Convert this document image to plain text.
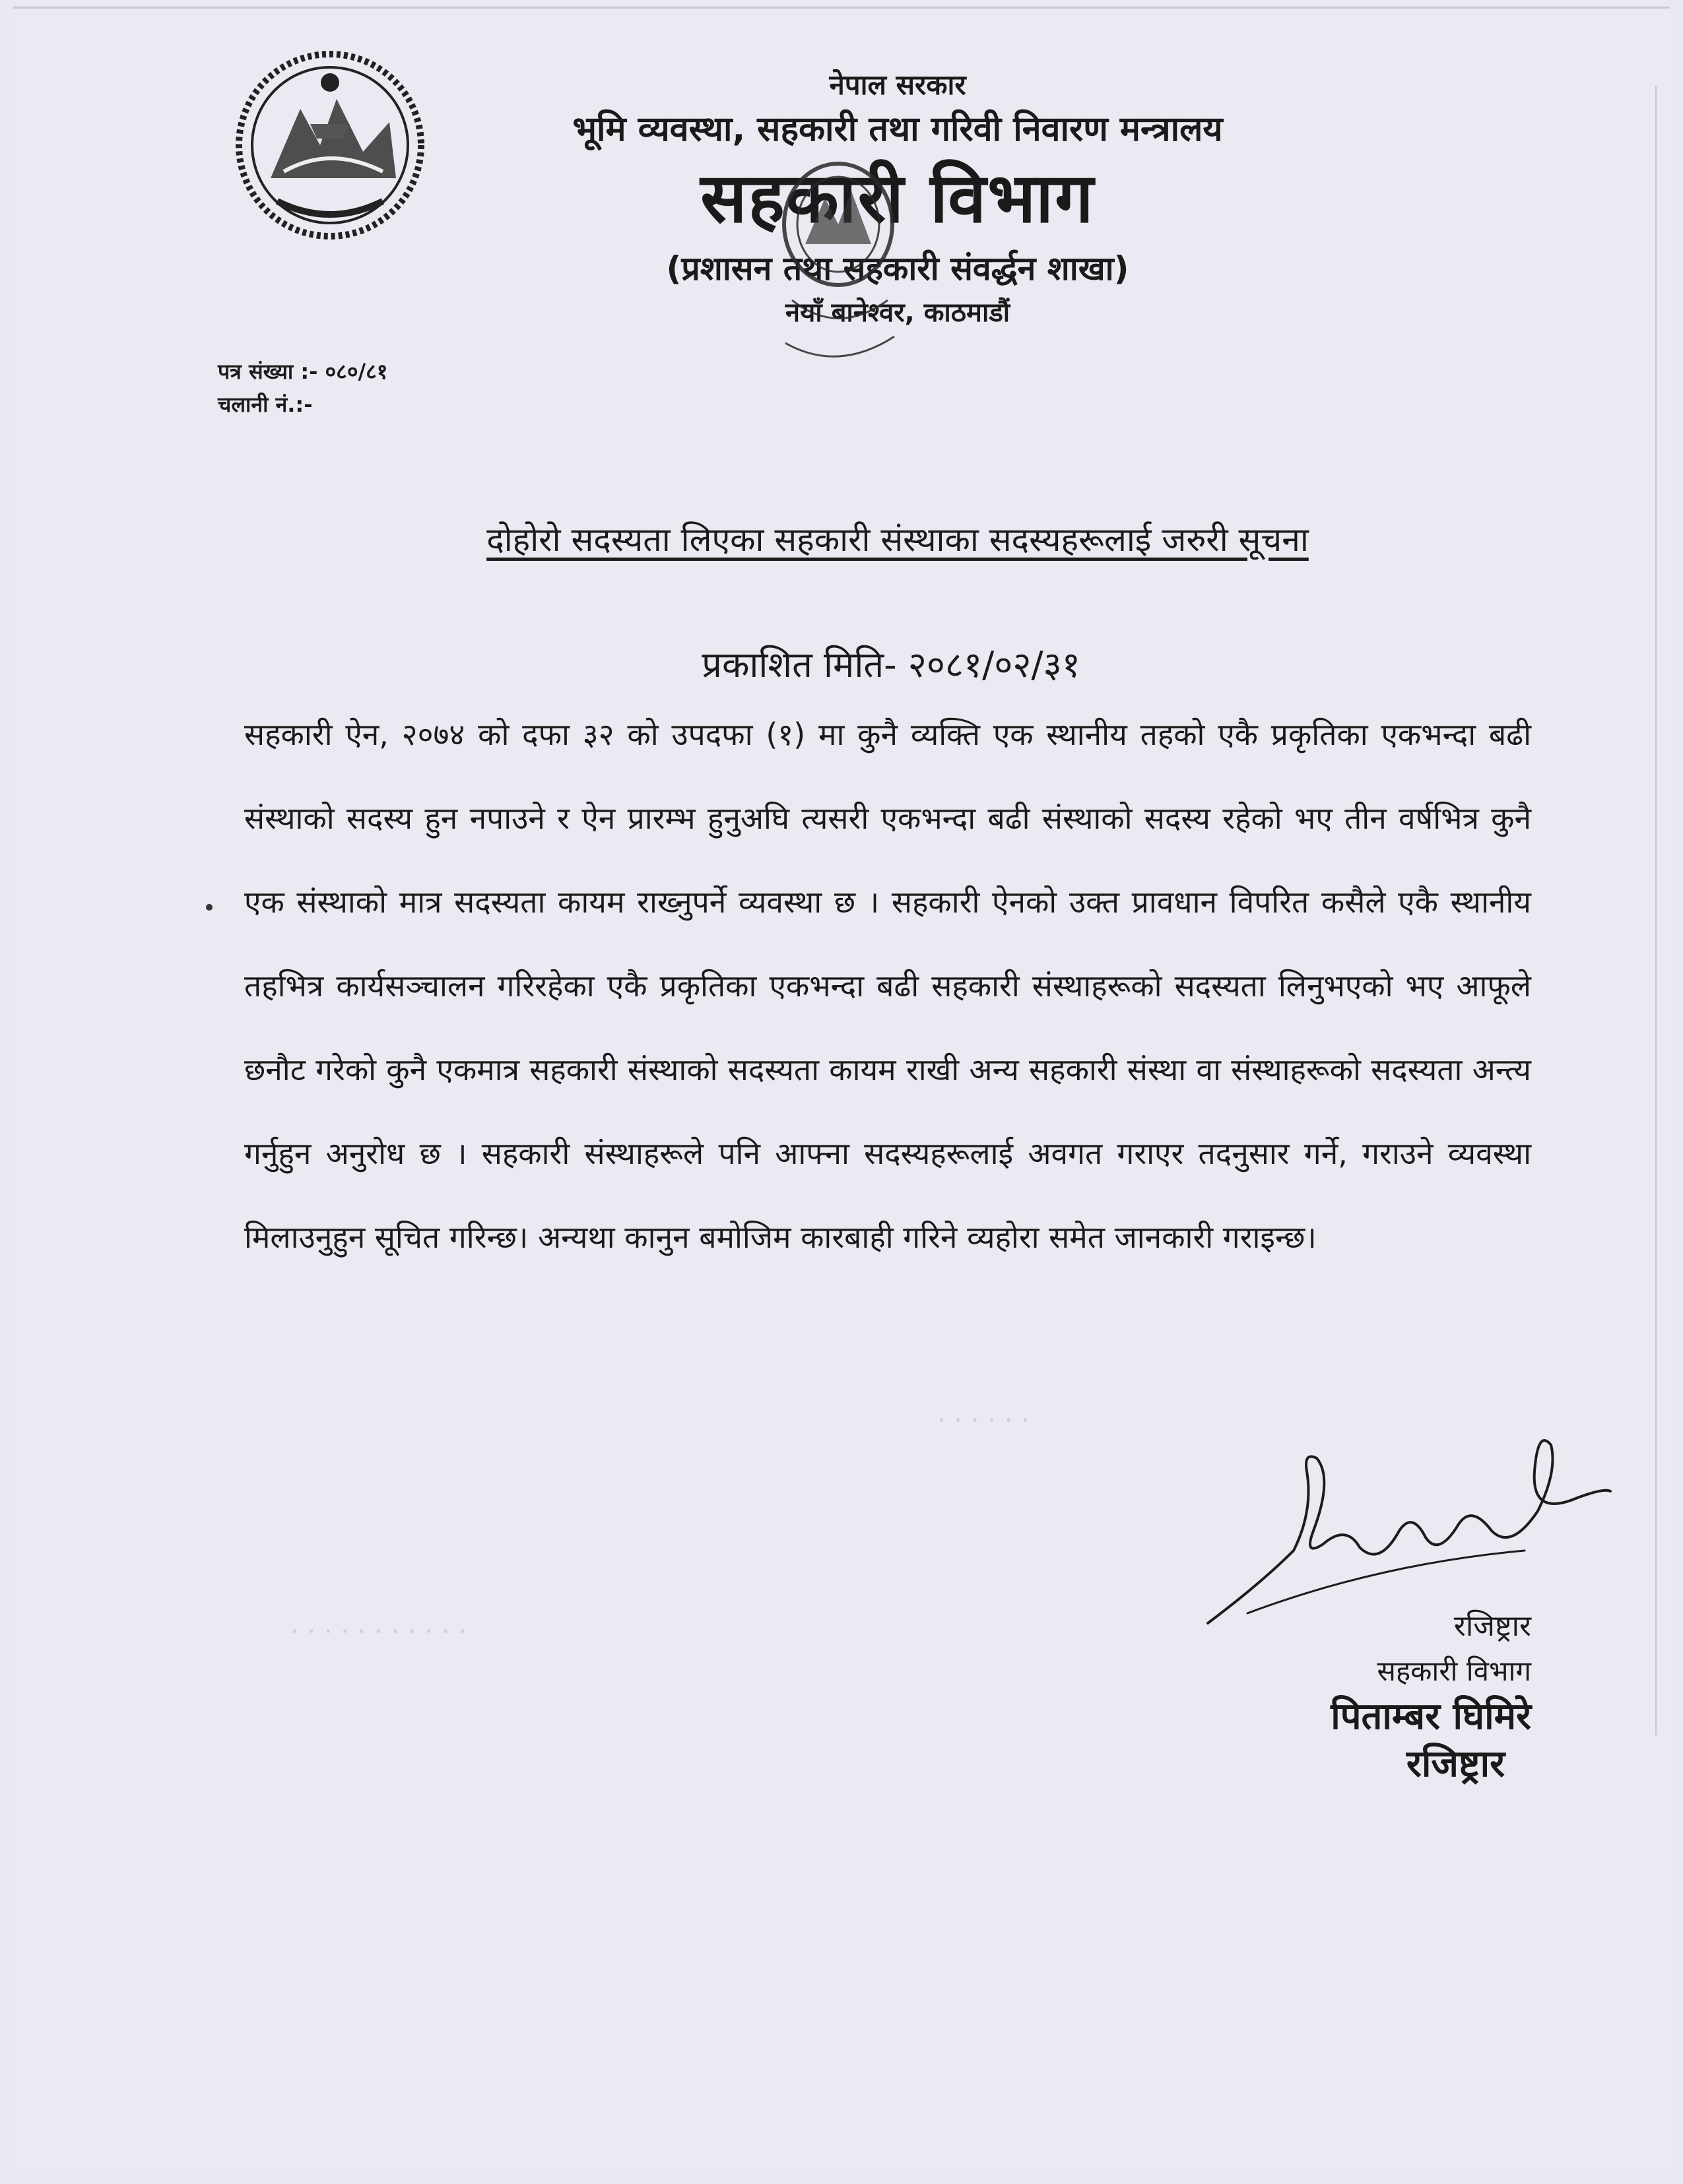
नेपाल सरकार
भूमि व्यवस्था, सहकारी तथा गरिवी निवारण मन्त्रालय
सहकारी विभाग
(प्रशासन तथा सहकारी संवर्द्धन शाखा)
नयाँ बानेश्वर, काठमाडौं
पत्र संख्या :- ०८०/८१
चलानी नं.:-
दोहोरो सदस्यता लिएका सहकारी संस्थाका सदस्यहरूलाई जरुरी सूचना
प्रकाशित मिति- २०८१/०२/३१
सहकारी ऐन, २०७४ को दफा ३२ को उपदफा (१) मा कुनै व्यक्ति एक स्थानीय तहको एकै प्रकृतिका एकभन्दा बढी संस्थाको सदस्य हुन नपाउने र ऐन प्रारम्भ हुनुअघि त्यसरी एकभन्दा बढी संस्थाको सदस्य रहेको भए तीन वर्षभित्र कुनै एक संस्थाको मात्र सदस्यता कायम राख्नुपर्ने व्यवस्था छ । सहकारी ऐनको उक्त प्रावधान विपरित कसैले एकै स्थानीय तहभित्र कार्यसञ्चालन गरिरहेका एकै प्रकृतिका एकभन्दा बढी सहकारी संस्थाहरूको सदस्यता लिनुभएको भए आफूले छनौट गरेको कुनै एकमात्र सहकारी संस्थाको सदस्यता कायम राखी अन्य सहकारी संस्था वा संस्थाहरूको सदस्यता अन्त्य गर्नुहुन अनुरोध छ । सहकारी संस्थाहरूले पनि आफ्ना सदस्यहरूलाई अवगत गराएर तदनुसार गर्ने, गराउने व्यवस्था मिलाउनुहुन सूचित गरिन्छ। अन्यथा कानुन बमोजिम कारबाही गरिने व्यहोरा समेत जानकारी गराइन्छ।
· · · · · · · · · · ·
· · · · · ·
रजिष्ट्रार
सहकारी विभाग
पिताम्बर घिमिरे
रजिष्ट्रार
